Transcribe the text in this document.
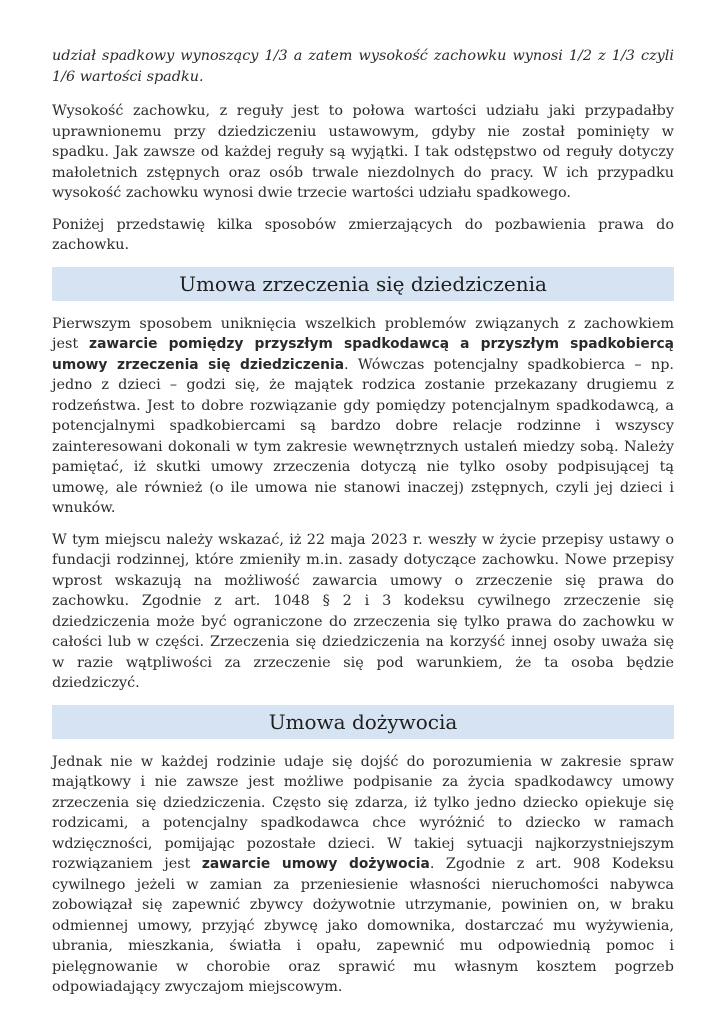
udział spadkowy wynoszący 1/3 a zatem wysokość zachowku wynosi 1/2 z 1/3 czyli 1/6 wartości spadku.

Wysokość zachowku, z reguły jest to połowa wartości udziału jaki przypadałby uprawnionemu przy dziedziczeniu ustawowym, gdyby nie został pominięty w spadku. Jak zawsze od każdej reguły są wyjątki. I tak odstępstwo od reguły dotyczy małoletnich zstępnych oraz osób trwale niezdolnych do pracy. W ich przypadku wysokość zachowku wynosi dwie trzecie wartości udziału spadkowego.

Poniżej przedstawię kilka sposobów zmierzających do pozbawienia prawa do zachowku.

Umowa zrzeczenia się dziedziczenia

Pierwszym sposobem uniknięcia wszelkich problemów związanych z zachowkiem jest zawarcie pomiędzy przyszłym spadkodawcą a przyszłym spadkobiercą umowy zrzeczenia się dziedziczenia. Wówczas potencjalny spadkobierca – np. jedno z dzieci – godzi się, że majątek rodzica zostanie przekazany drugiemu z rodzeństwa. Jest to dobre rozwiązanie gdy pomiędzy potencjalnym spadkodawcą, a potencjalnymi spadkobiercami są bardzo dobre relacje rodzinne i wszyscy zainteresowani dokonali w tym zakresie wewnętrznych ustaleń miedzy sobą. Należy pamiętać, iż skutki umowy zrzeczenia dotyczą nie tylko osoby podpisującej tą umowę, ale również (o ile umowa nie stanowi inaczej) zstępnych, czyli jej dzieci i wnuków.

W tym miejscu należy wskazać, iż 22 maja 2023 r. weszły w życie przepisy ustawy o fundacji rodzinnej, które zmieniły m.in. zasady dotyczące zachowku. Nowe przepisy wprost wskazują na możliwość zawarcia umowy o zrzeczenie się prawa do zachowku. Zgodnie z art. 1048 § 2 i 3 kodeksu cywilnego zrzeczenie się dziedziczenia może być ograniczone do zrzeczenia się tylko prawa do zachowku w całości lub w części. Zrzeczenia się dziedziczenia na korzyść innej osoby uważa się w razie wątpliwości za zrzeczenie się pod warunkiem, że ta osoba będzie dziedziczyć.

Umowa dożywocia

Jednak nie w każdej rodzinie udaje się dojść do porozumienia w zakresie spraw majątkowy i nie zawsze jest możliwe podpisanie za życia spadkodawcy umowy zrzeczenia się dziedziczenia. Często się zdarza, iż tylko jedno dziecko opiekuje się rodzicami, a potencjalny spadkodawca chce wyróżnić to dziecko w ramach wdzięczności, pomijając pozostałe dzieci. W takiej sytuacji najkorzystniejszym rozwiązaniem jest zawarcie umowy dożywocia. Zgodnie z art. 908 Kodeksu cywilnego jeżeli w zamian za przeniesienie własności nieruchomości nabywca zobowiązał się zapewnić zbywcy dożywotnie utrzymanie, powinien on, w braku odmiennej umowy, przyjąć zbywcę jako domownika, dostarczać mu wyżywienia, ubrania, mieszkania, światła i opału, zapewnić mu odpowiednią pomoc i pielęgnowanie w chorobie oraz sprawić mu własnym kosztem pogrzeb odpowiadający zwyczajom miejscowym.
